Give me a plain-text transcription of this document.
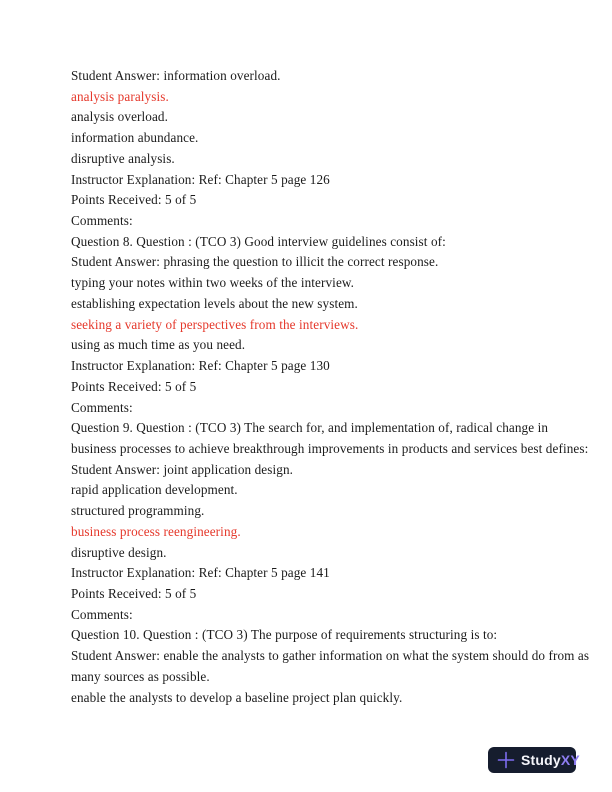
Student Answer: information overload.
analysis paralysis.
analysis overload.
information abundance.
disruptive analysis.
Instructor Explanation: Ref: Chapter 5 page 126
Points Received: 5 of 5
Comments:
Question 8. Question : (TCO 3) Good interview guidelines consist of:
Student Answer: phrasing the question to illicit the correct response.
typing your notes within two weeks of the interview.
establishing expectation levels about the new system.
seeking a variety of perspectives from the interviews.
using as much time as you need.
Instructor Explanation: Ref: Chapter 5 page 130
Points Received: 5 of 5
Comments:
Question 9. Question : (TCO 3) The search for, and implementation of, radical change in
business processes to achieve breakthrough improvements in products and services best defines:
Student Answer: joint application design.
rapid application development.
structured programming.
business process reengineering.
disruptive design.
Instructor Explanation: Ref: Chapter 5 page 141
Points Received: 5 of 5
Comments:
Question 10. Question : (TCO 3) The purpose of requirements structuring is to:
Student Answer: enable the analysts to gather information on what the system should do from as
many sources as possible.
enable the analysts to develop a baseline project plan quickly.
StudyXY
